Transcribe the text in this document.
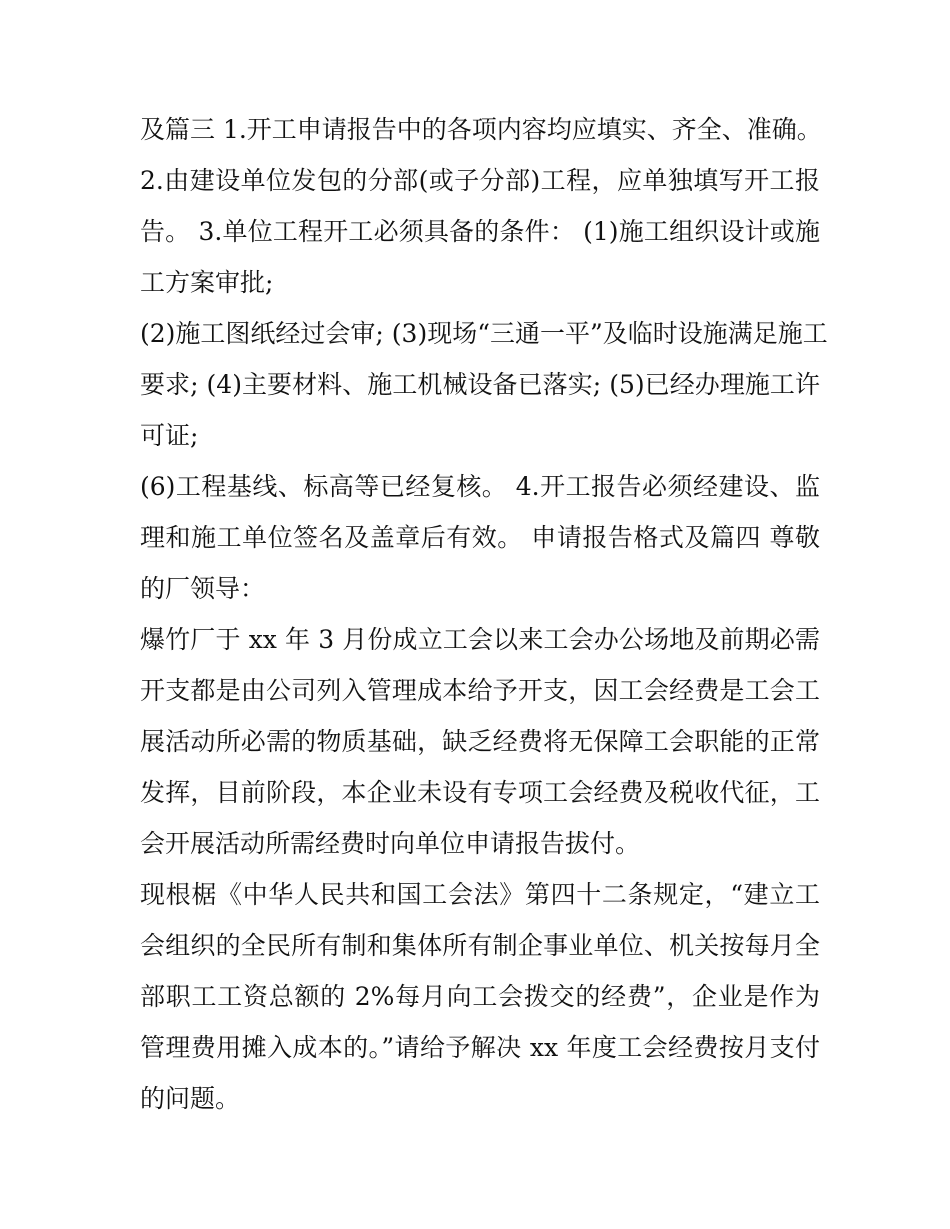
及篇三 1.开工申请报告中的各项内容均应填实、齐全、准确。
2.由建设单位发包的分部(或子分部)工程，应单独填写开工报
告。 3.单位工程开工必须具备的条件： (1)施工组织设计或施
工方案审批;
(2)施工图纸经过会审; (3)现场“三通一平”及临时设施满足施工
要求; (4)主要材料、施工机械设备已落实; (5)已经办理施工许
可证;
(6)工程基线、标高等已经复核。 4.开工报告必须经建设、监
理和施工单位签名及盖章后有效。 申请报告格式及篇四 尊敬
的厂领导：
爆竹厂于 xx 年 3 月份成立工会以来工会办公场地及前期必需
开支都是由公司列入管理成本给予开支，因工会经费是工会工
展活动所必需的物质基础，缺乏经费将无保障工会职能的正常
发挥，目前阶段，本企业未设有专项工会经费及税收代征，工
会开展活动所需经费时向单位申请报告拔付。
现根椐《中华人民共和国工会法》第四十二条规定，“建立工
会组织的全民所有制和集体所有制企事业单位、机关按每月全
部职工工资总额的 2%每月向工会拨交的经费”，企业是作为
管理费用摊入成本的。”请给予解决 xx 年度工会经费按月支付
的问题。
